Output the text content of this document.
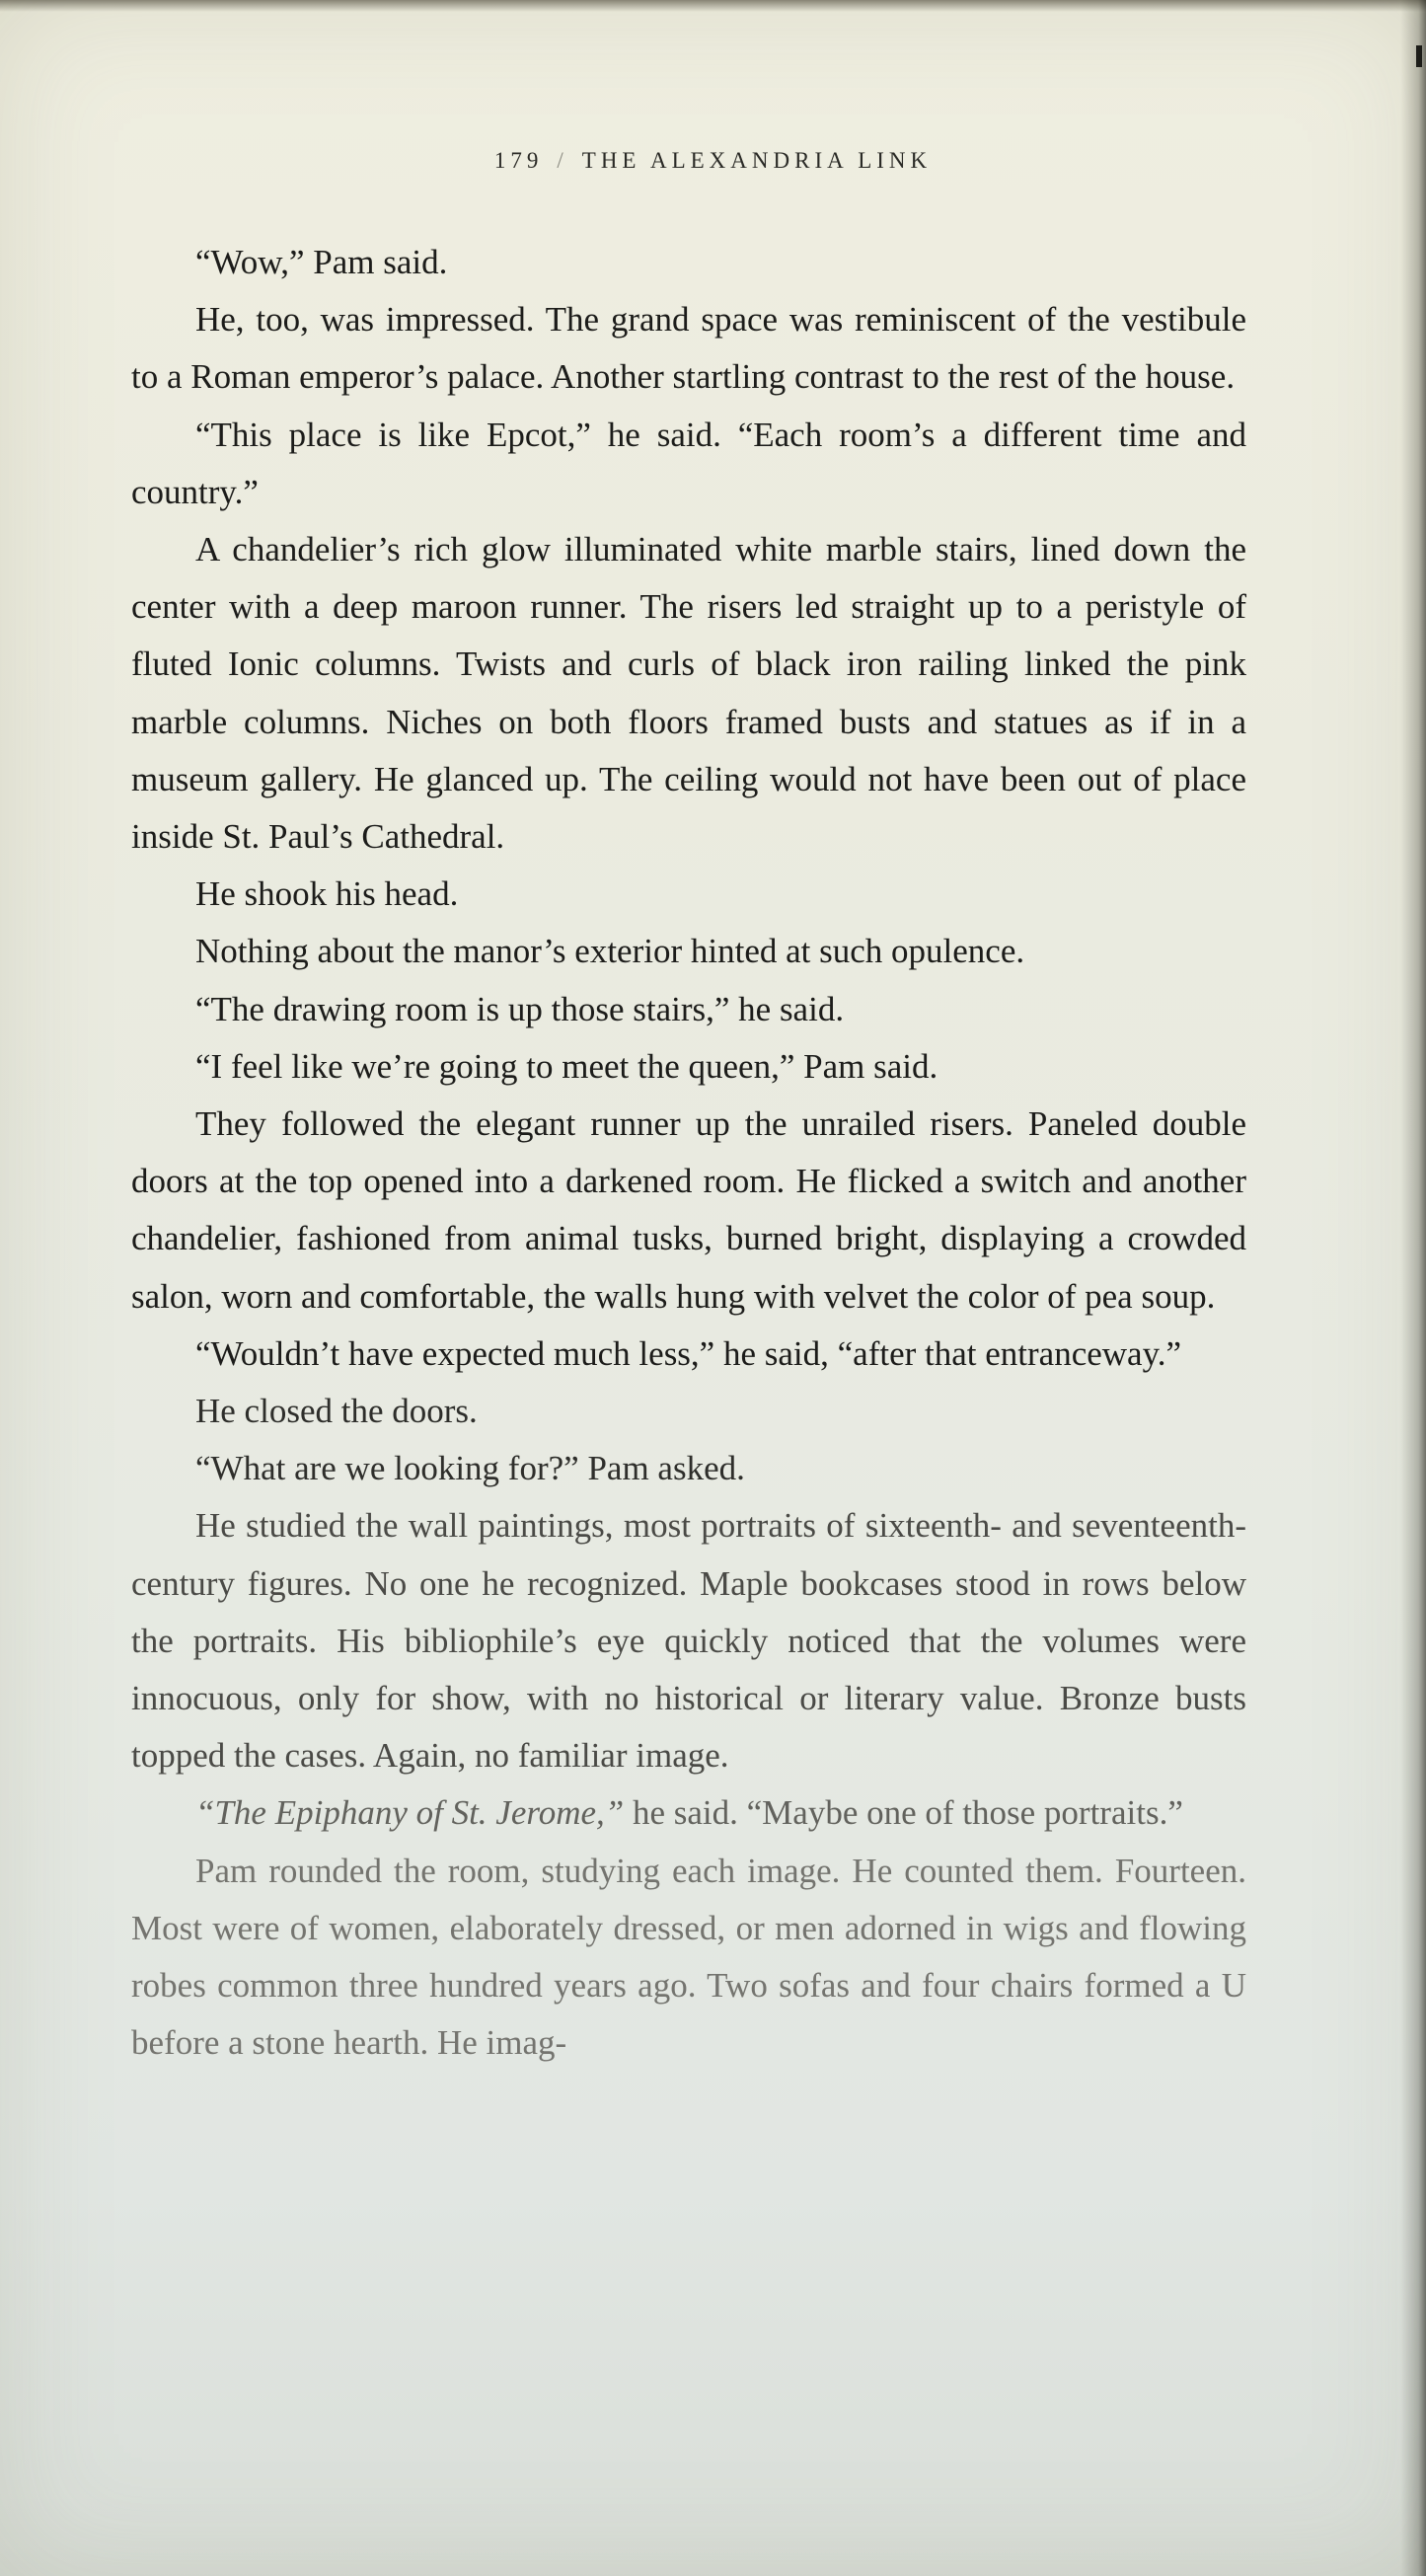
179 / THE ALEXANDRIA LINK

“Wow,” Pam said.

He, too, was impressed. The grand space was reminiscent of the vestibule to a Roman emperor’s palace. Another startling contrast to the rest of the house.

“This place is like Epcot,” he said. “Each room’s a different time and country.”

A chandelier’s rich glow illuminated white marble stairs, lined down the center with a deep maroon runner. The risers led straight up to a peristyle of fluted Ionic columns. Twists and curls of black iron railing linked the pink marble columns. Niches on both floors framed busts and statues as if in a museum gallery. He glanced up. The ceiling would not have been out of place inside St. Paul’s Cathedral.

He shook his head.

Nothing about the manor’s exterior hinted at such opulence.

“The drawing room is up those stairs,” he said.

“I feel like we’re going to meet the queen,” Pam said.

They followed the elegant runner up the unrailed risers. Paneled double doors at the top opened into a darkened room. He flicked a switch and another chandelier, fashioned from animal tusks, burned bright, displaying a crowded salon, worn and comfortable, the walls hung with velvet the color of pea soup.

“Wouldn’t have expected much less,” he said, “after that entranceway.”

He closed the doors.

“What are we looking for?” Pam asked.

He studied the wall paintings, most portraits of sixteenth- and seventeenth-century figures. No one he recognized. Maple bookcases stood in rows below the portraits. His bibliophile’s eye quickly noticed that the volumes were innocuous, only for show, with no historical or literary value. Bronze busts topped the cases. Again, no familiar image.

“The Epiphany of St. Jerome,” he said. “Maybe one of those portraits.”

Pam rounded the room, studying each image. He counted them. Fourteen. Most were of women, elaborately dressed, or men adorned in wigs and flowing robes common three hundred years ago. Two sofas and four chairs formed a U before a stone hearth. He imag-
